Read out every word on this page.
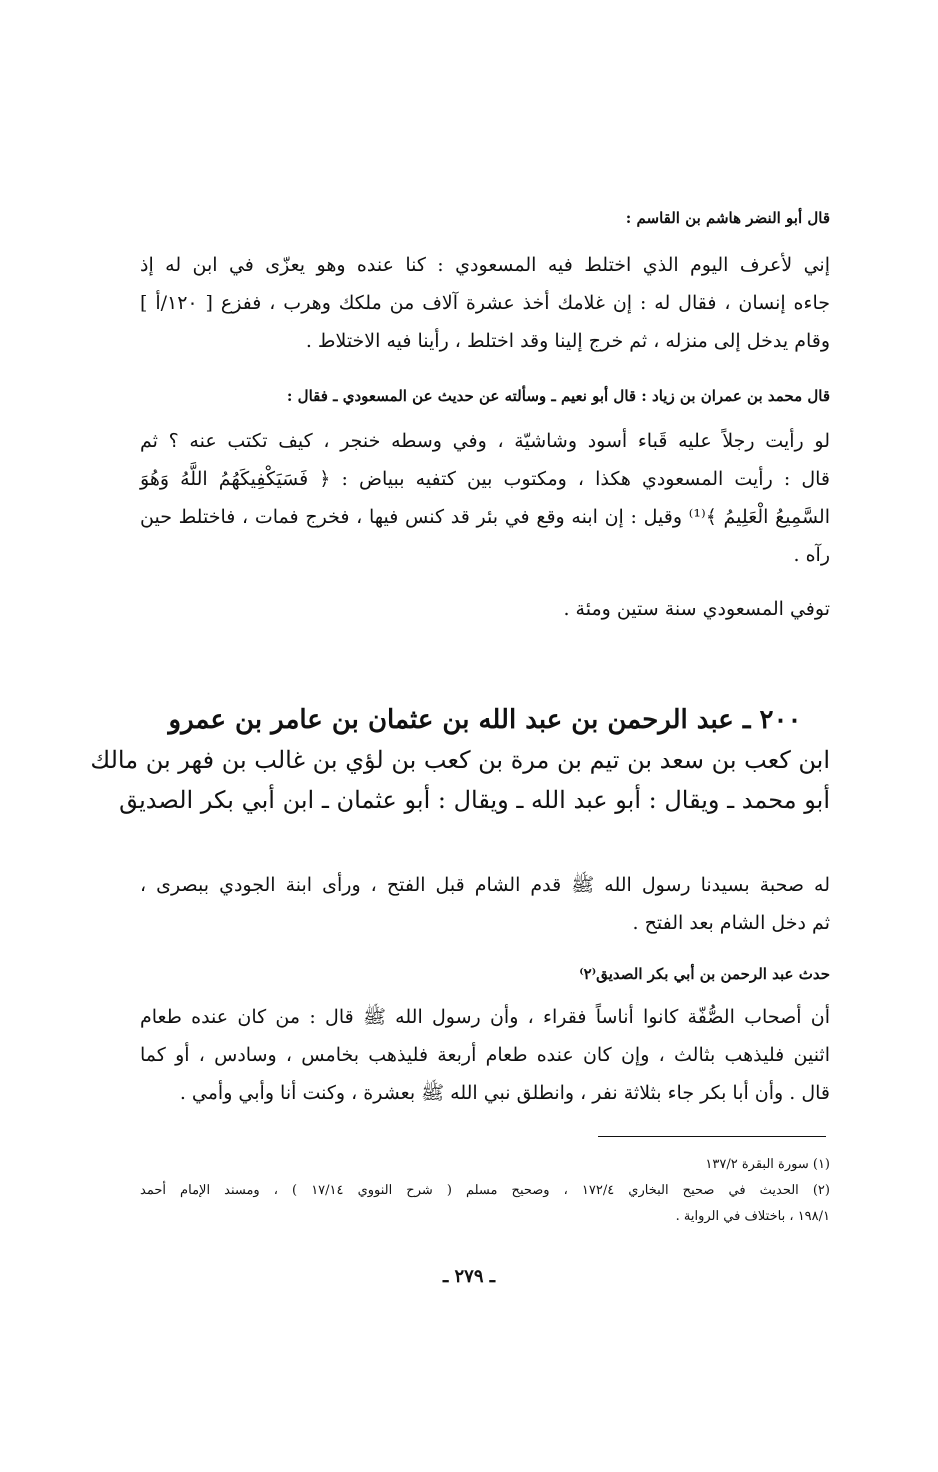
قال أبو النضر هاشم بن القاسم :
إني لأعرف اليوم الذي اختلط فيه المسعودي : كنا عنده وهو يعزّى في ابن له إذ
جاءه إنسان ، فقال له : إن غلامك أخذ عشرة آلاف من ملكك وهرب ، ففزع [ ١٢٠/أ ]
وقام يدخل إلى منزله ، ثم خرج إلينا وقد اختلط ، رأينا فيه الاختلاط .
قال محمد بن عمران بن زياد : قال أبو نعيم ـ وسألته عن حديث عن المسعودي ـ فقال :
لو رأيت رجلاً عليه قَباء أسود وشاشيّة ، وفي وسطه خنجر ، كيف تكتب عنه ؟ ثم
قال : رأيت المسعودي هكذا ، ومكتوب بين كتفيه ببياض : ﴿ فَسَيَكْفِيكَهُمُ اللَّهُ وَهُوَ
السَّمِيعُ الْعَلِيمُ ﴾⁽¹⁾ وقيل : إن ابنه وقع في بئر قد كنس فيها ، فخرج فمات ، فاختلط حين
رآه .
توفي المسعودي سنة ستين ومئة .
٢٠٠ ـ عبد الرحمن بن عبد الله بن عثمان بن عامر بن عمرو
ابن كعب بن سعد بن تيم بن مرة بن كعب بن لؤي بن غالب بن فهر بن مالك
أبو محمد ـ ويقال : أبو عبد الله ـ ويقال : أبو عثمان ـ ابن أبي بكر الصديق
له صحبة بسيدنا رسول الله ﷺ قدم الشام قبل الفتح ، ورأى ابنة الجودي ببصرى ،
ثم دخل الشام بعد الفتح .
حدث عبد الرحمن بن أبي بكر الصديق⁽٢⁾
أن أصحاب الصُّفّة كانوا أناساً فقراء ، وأن رسول الله ﷺ قال : من كان عنده طعام
اثنين فليذهب بثالث ، وإن كان عنده طعام أربعة فليذهب بخامس ، وسادس ، أو كما
قال . وأن أبا بكر جاء بثلاثة نفر ، وانطلق نبي الله ﷺ بعشرة ، وكنت أنا وأبي وأمي .
(١) سورة البقرة ١٣٧/٢
(٢) الحديث في صحيح البخاري ١٧٢/٤ ، وصحيح مسلم ( شرح النووي ١٧/١٤ ) ، ومسند الإمام أحمد
١٩٨/١ ، باختلاف في الرواية .
ـ ٢٧٩ ـ
